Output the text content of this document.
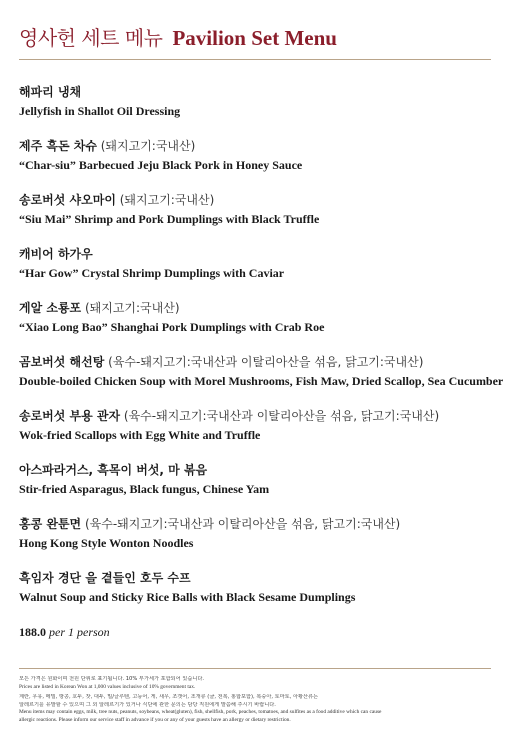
영사헌 세트 메뉴 Pavilion Set Menu
해파리 냉채
Jellyfish in Shallot Oil Dressing
제주 흑돈 차슈 (돼지고기:국내산)
“Char-siu” Barbecued Jeju Black Pork in Honey Sauce
송로버섯 샤오마이 (돼지고기:국내산)
“Siu Mai” Shrimp and Pork Dumplings with Black Truffle
캐비어 하가우
“Har Gow” Crystal Shrimp Dumplings with Caviar
게알 소룡포 (돼지고기:국내산)
“Xiao Long Bao” Shanghai Pork Dumplings with Crab Roe
곰보버섯 해선탕 (육수-돼지고기:국내산과 이탈리아산을 섞음, 닭고기:국내산)
Double-boiled Chicken Soup with Morel Mushrooms, Fish Maw, Dried Scallop, Sea Cucumber
송로버섯 부용 관자 (육수-돼지고기:국내산과 이탈리아산을 섞음, 닭고기:국내산)
Wok-fried Scallops with Egg White and Truffle
아스파라거스, 흑목이 버섯, 마 볶음
Stir-fried Asparagus, Black fungus, Chinese Yam
홍콩 완툰면 (육수-돼지고기:국내산과 이탈리아산을 섞음, 닭고기:국내산)
Hong Kong Style Wonton Noodles
흑임자 경단 을 곁들인 호두 수프
Walnut Soup and Sticky Rice Balls with Black Sesame Dumplings
188.0 per 1 person
모든 가격은 원화이며 천원 단위로 표기됩니다. 10% 부가세가 포함되어 있습니다.
Prices are listed in Korean Won at 1,000 values inclusive of 10% government tax.
계란, 우유, 메밀, 땅콩, 호두, 잣, 대두, 밀/글루텐, 고등어, 게, 새우, 조갯어, 조개류 (굴, 전복, 홍합포함), 복숭아, 토마토, 아황산류는
알레르기를 유발할 수 있으며 그 외 알레르기가 있거나 식단에 관한 문의는 담당 직원에게 말씀해 주시기 바랍니다.
Menu items may contain eggs, milk, tree nuts, peanuts, soybeans, wheat(gluten), fish, shellfish, pork, peaches, tomatoes, and sulfites as a food additive which can cause
allergic reactions. Please inform our service staff in advance if you or any of your guests have an allergy or dietary restriction.
